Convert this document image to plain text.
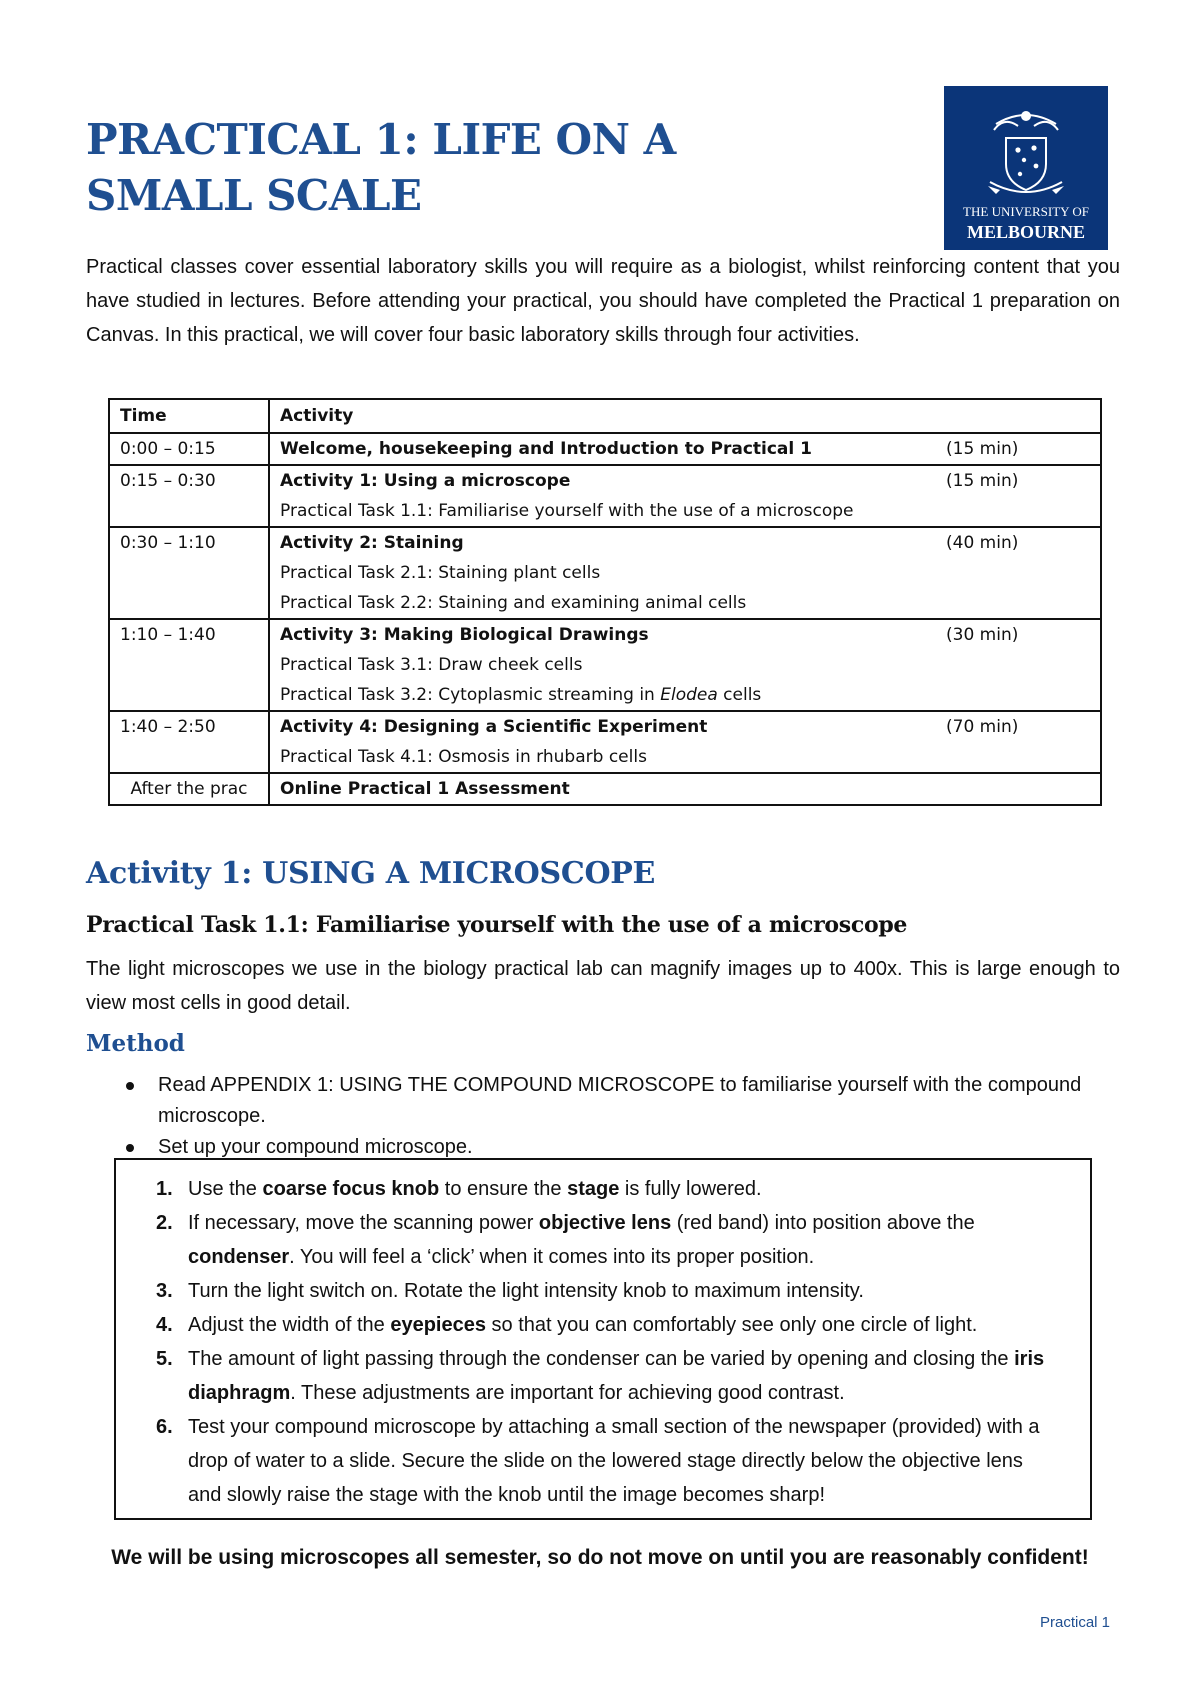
PRACTICAL 1: LIFE ON A
SMALL SCALE	THE UNIVERSITY OF
MELBOURNE

Practical classes cover essential laboratory skills you will require as a biologist, whilst reinforcing content that you have studied in lectures. Before attending your practical, you should have completed the Practical 1 preparation on Canvas. In this practical, we will cover four basic laboratory skills through four activities.

Time	Activity
0:00 – 0:15	Welcome, housekeeping and Introduction to Practical 1 (15 min)

0:15 – 0:30	Activity 1: Using a microscope (15 min)
Practical Task 1.1: Familiarise yourself with the use of a microscope

0:30 – 1:10	Activity 2: Staining (40 min)
Practical Task 2.1: Staining plant cells
Practical Task 2.2: Staining and examining animal cells

1:10 – 1:40	Activity 3: Making Biological Drawings (30 min)
Practical Task 3.1: Draw cheek cells
Practical Task 3.2: Cytoplasmic streaming in Elodea cells

1:40 – 2:50	Activity 4: Designing a Scientific Experiment (70 min)
Practical Task 4.1: Osmosis in rhubarb cells

After the prac	Online Practical 1 Assessment
Activity 1: USING A MICROSCOPE
Practical Task 1.1: Familiarise yourself with the use of a microscope

The light microscopes we use in the biology practical lab can magnify images up to 400x. This is large enough to view most cells in good detail.

Method
Read APPENDIX 1: USING THE COMPOUND MICROSCOPE to familiarise yourself with the compound microscope.
Set up your compound microscope.
1. Use the coarse focus knob to ensure the stage is fully lowered.
2. If necessary, move the scanning power objective lens (red band) into position above the condenser. You will feel a ‘click’ when it comes into its proper position.
3. Turn the light switch on. Rotate the light intensity knob to maximum intensity.
4. Adjust the width of the eyepieces so that you can comfortably see only one circle of light.
5. The amount of light passing through the condenser can be varied by opening and closing the iris diaphragm. These adjustments are important for achieving good contrast.
6. Test your compound microscope by attaching a small section of the newspaper (provided) with a drop of water to a slide. Secure the slide on the lowered stage directly below the objective lens and slowly raise the stage with the knob until the image becomes sharp!

We will be using microscopes all semester, so do not move on until you are reasonably confident!

Practical 1
